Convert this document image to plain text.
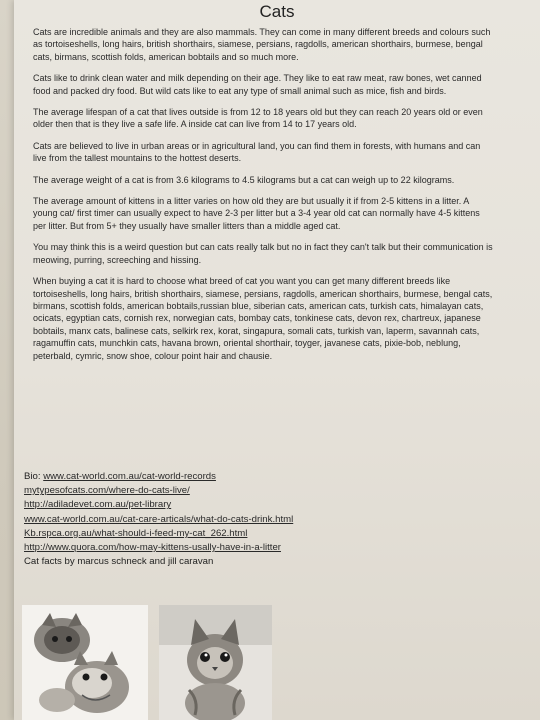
Cats

Cats are incredible animals and they are also mammals. They can come in many different breeds and colours such as tortoiseshells, long hairs, british shorthairs, siamese, persians, ragdolls, american shorthairs, burmese, bengal cats, birmans, scottish folds, american bobtails and so much more.

Cats like to drink clean water and milk depending on their age. They like to eat raw meat, raw bones, wet canned food and packed dry food. But wild cats like to eat any type of small animal such as mice, fish and birds.

The average lifespan of a cat that lives outside is from 12 to 18 years old but they can reach 20 years old or even older then that is they live a safe life. A inside cat can live from 14 to 17 years old.

Cats are believed to live in urban areas or in agricultural land, you can find them in forests, with humans and can live from the tallest mountains to the hottest deserts.

The average weight of a cat is from 3.6 kilograms to 4.5 kilograms but a cat can weigh up to 22 kilograms.

The average amount of kittens in a litter varies on how old they are but usually it if from 2-5 kittens in a litter. A young cat/ first timer can usually expect to have 2-3 per litter but a 3-4 year old cat can normally have 4-5 kittens per litter. But from 5+ they usually have smaller litters than a middle aged cat.

You may think this is a weird question but can cats really talk but no in fact they can't talk but their communication is meowing, purring, screeching and hissing.

When buying a cat it is hard to choose what breed of cat you want you can get many different breeds like tortoiseshells, long hairs, british shorthairs, siamese, persians, ragdolls, american shorthairs, burmese, bengal cats, birmans, scottish folds, american bobtails,russian blue, siberian cats, american cats, turkish cats, himalayan cats, ocicats, egyptian cats, cornish rex, norwegian cats, bombay cats, tonkinese cats, devon rex, chartreux, japanese bobtails, manx cats, balinese cats, selkirk rex, korat, singapura, somali cats, turkish van, laperm, savannah cats, ragamuffin cats, munchkin cats, havana brown, oriental shorthair, toyger, javanese cats, pixie-bob, neblung, peterbald, cymric, snow shoe, colour point hair and chausie.

Bio: www.cat-world.com.au/cat-world-records
mytypesofcats.com/where-do-cats-live/
http://adiladevet.com.au/pet-library
www.cat-world.com.au/cat-care-articals/what-do-cats-drink.html
Kb.rspca.org.au/what-should-i-feed-my-cat_262.html
http://www.quora.com/how-may-kittens-usally-have-in-a-litter
Cat facts by marcus schneck and jill caravan
